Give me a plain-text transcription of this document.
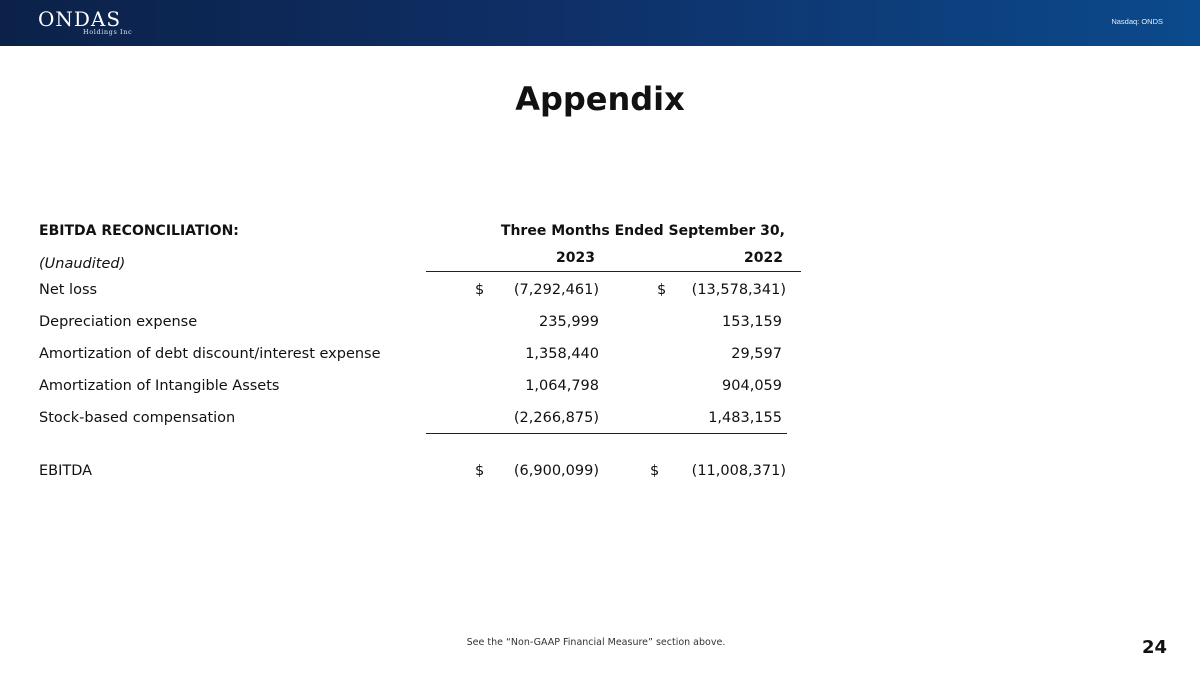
ONDAS
Holdings Inc
Nasdaq: ONDS
Appendix
EBITDA RECONCILIATION:
(Unaudited)
Three Months Ended September 30,
2023	2022
Net loss	$	(7,292,461)	$	(13,578,341)
Depreciation expense	235,999	153,159
Amortization of debt discount/interest expense	1,358,440	29,597
Amortization of Intangible Assets	1,064,798	904,059
Stock-based compensation	(2,266,875)	1,483,155
EBITDA	$	(6,900,099)	$	(11,008,371)
See the “Non-GAAP Financial Measure” section above.	24
